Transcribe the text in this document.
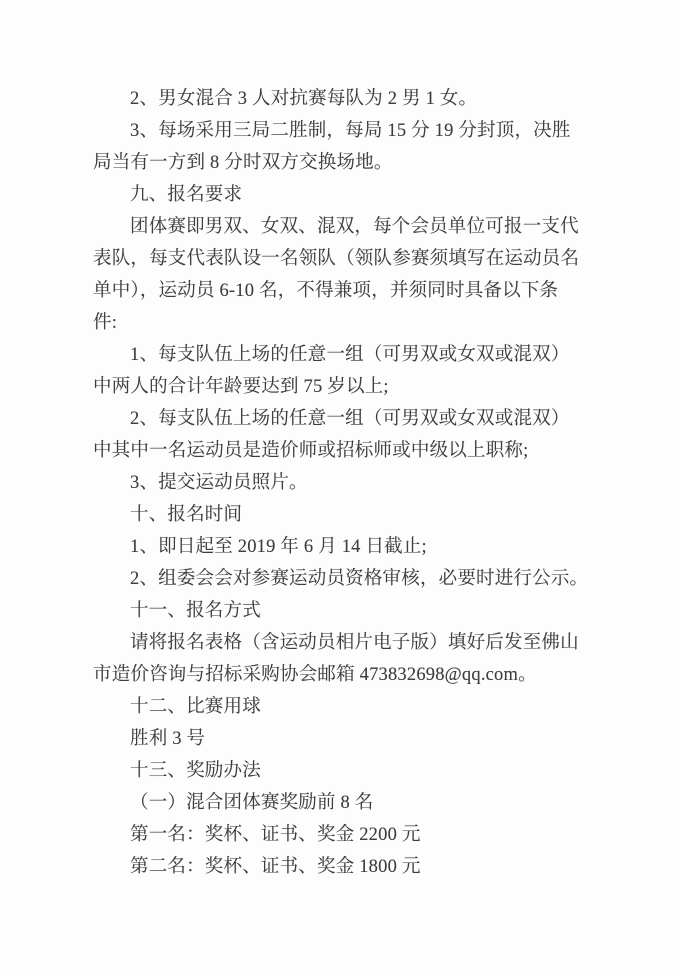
2、男女混合 3 人对抗赛每队为 2 男 1 女。
3、每场采用三局二胜制，每局 15 分 19 分封顶，决胜
局当有一方到 8 分时双方交换场地。
九、报名要求
团体赛即男双、女双、混双，每个会员单位可报一支代
表队，每支代表队设一名领队（领队参赛须填写在运动员名
单中），运动员 6-10 名，不得兼项，并须同时具备以下条
件:
1、每支队伍上场的任意一组（可男双或女双或混双）
中两人的合计年龄要达到 75 岁以上;
2、每支队伍上场的任意一组（可男双或女双或混双）
中其中一名运动员是造价师或招标师或中级以上职称;
3、提交运动员照片。
十、报名时间
1、即日起至 2019 年 6 月 14 日截止;
2、组委会会对参赛运动员资格审核，必要时进行公示。
十一、报名方式
请将报名表格（含运动员相片电子版）填好后发至佛山
市造价咨询与招标采购协会邮箱 473832698@qq.com。
十二、比赛用球
胜利 3 号
十三、奖励办法
（一）混合团体赛奖励前 8 名
第一名：奖杯、证书、奖金 2200 元
第二名：奖杯、证书、奖金 1800 元
